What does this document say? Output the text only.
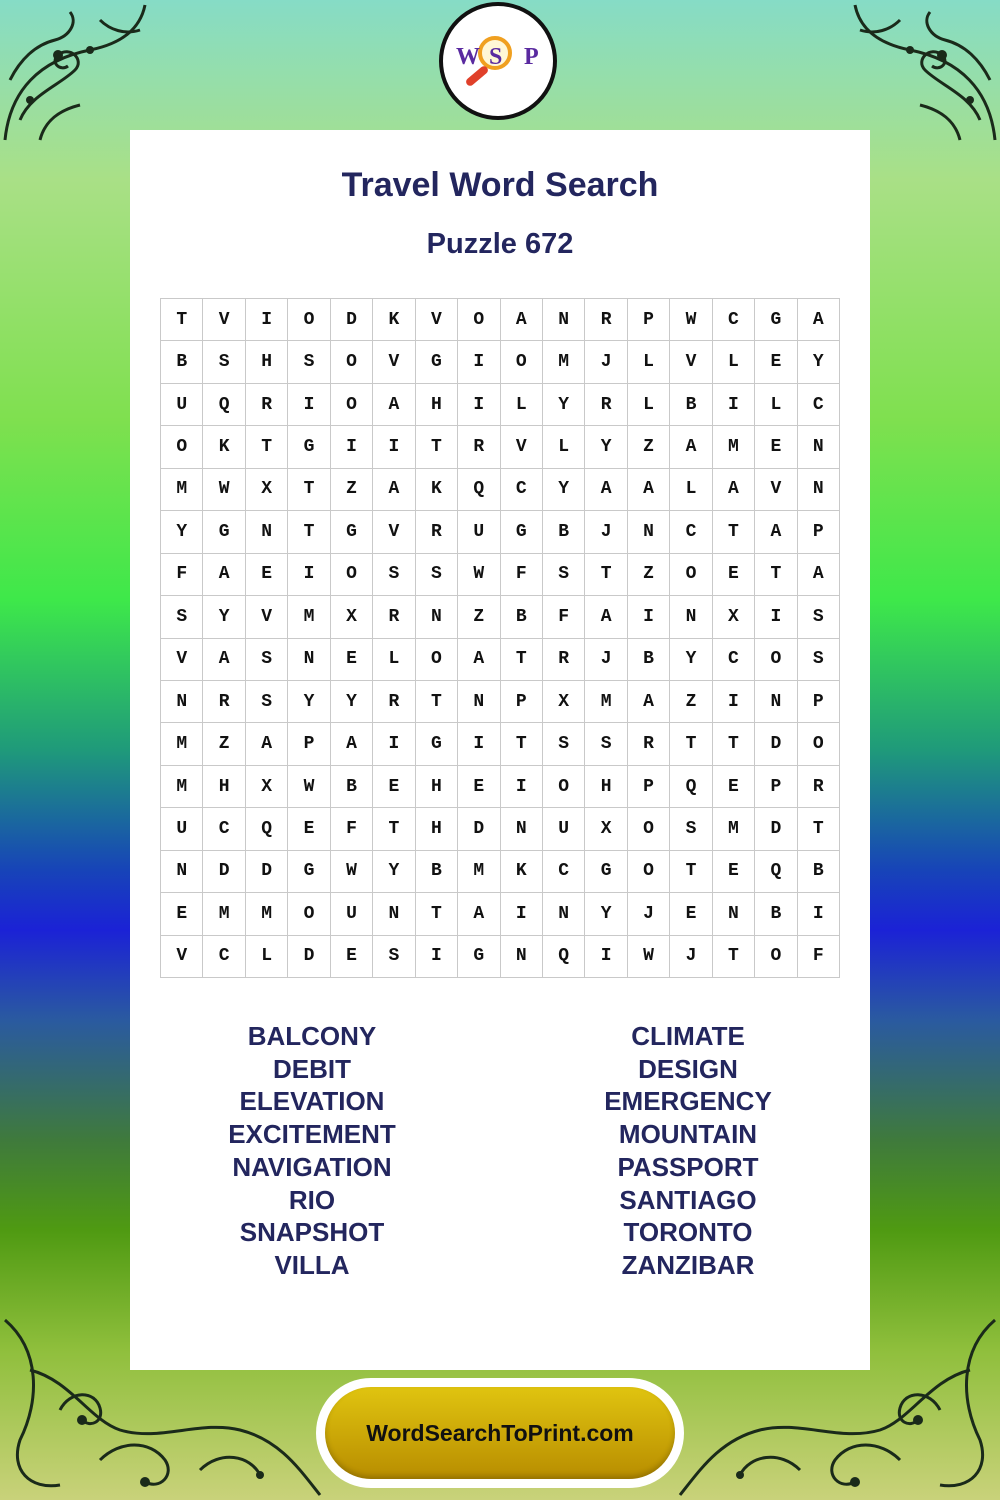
W S P
Travel Word Search
Puzzle 672
T	V	I	O	D	K	V	O	A	N	R	P	W	C	G	A
B	S	H	S	O	V	G	I	O	M	J	L	V	L	E	Y
U	Q	R	I	O	A	H	I	L	Y	R	L	B	I	L	C
O	K	T	G	I	I	T	R	V	L	Y	Z	A	M	E	N
M	W	X	T	Z	A	K	Q	C	Y	A	A	L	A	V	N
Y	G	N	T	G	V	R	U	G	B	J	N	C	T	A	P
F	A	E	I	O	S	S	W	F	S	T	Z	O	E	T	A
S	Y	V	M	X	R	N	Z	B	F	A	I	N	X	I	S
V	A	S	N	E	L	O	A	T	R	J	B	Y	C	O	S
N	R	S	Y	Y	R	T	N	P	X	M	A	Z	I	N	P
M	Z	A	P	A	I	G	I	T	S	S	R	T	T	D	O
M	H	X	W	B	E	H	E	I	O	H	P	Q	E	P	R
U	C	Q	E	F	T	H	D	N	U	X	O	S	M	D	T
N	D	D	G	W	Y	B	M	K	C	G	O	T	E	Q	B
E	M	M	O	U	N	T	A	I	N	Y	J	E	N	B	I
V	C	L	D	E	S	I	G	N	Q	I	W	J	T	O	F
BALCONY
DEBIT
ELEVATION
EXCITEMENT
NAVIGATION
RIO
SNAPSHOT
VILLA
CLIMATE
DESIGN
EMERGENCY
MOUNTAIN
PASSPORT
SANTIAGO
TORONTO
ZANZIBAR
WordSearchToPrint.com
